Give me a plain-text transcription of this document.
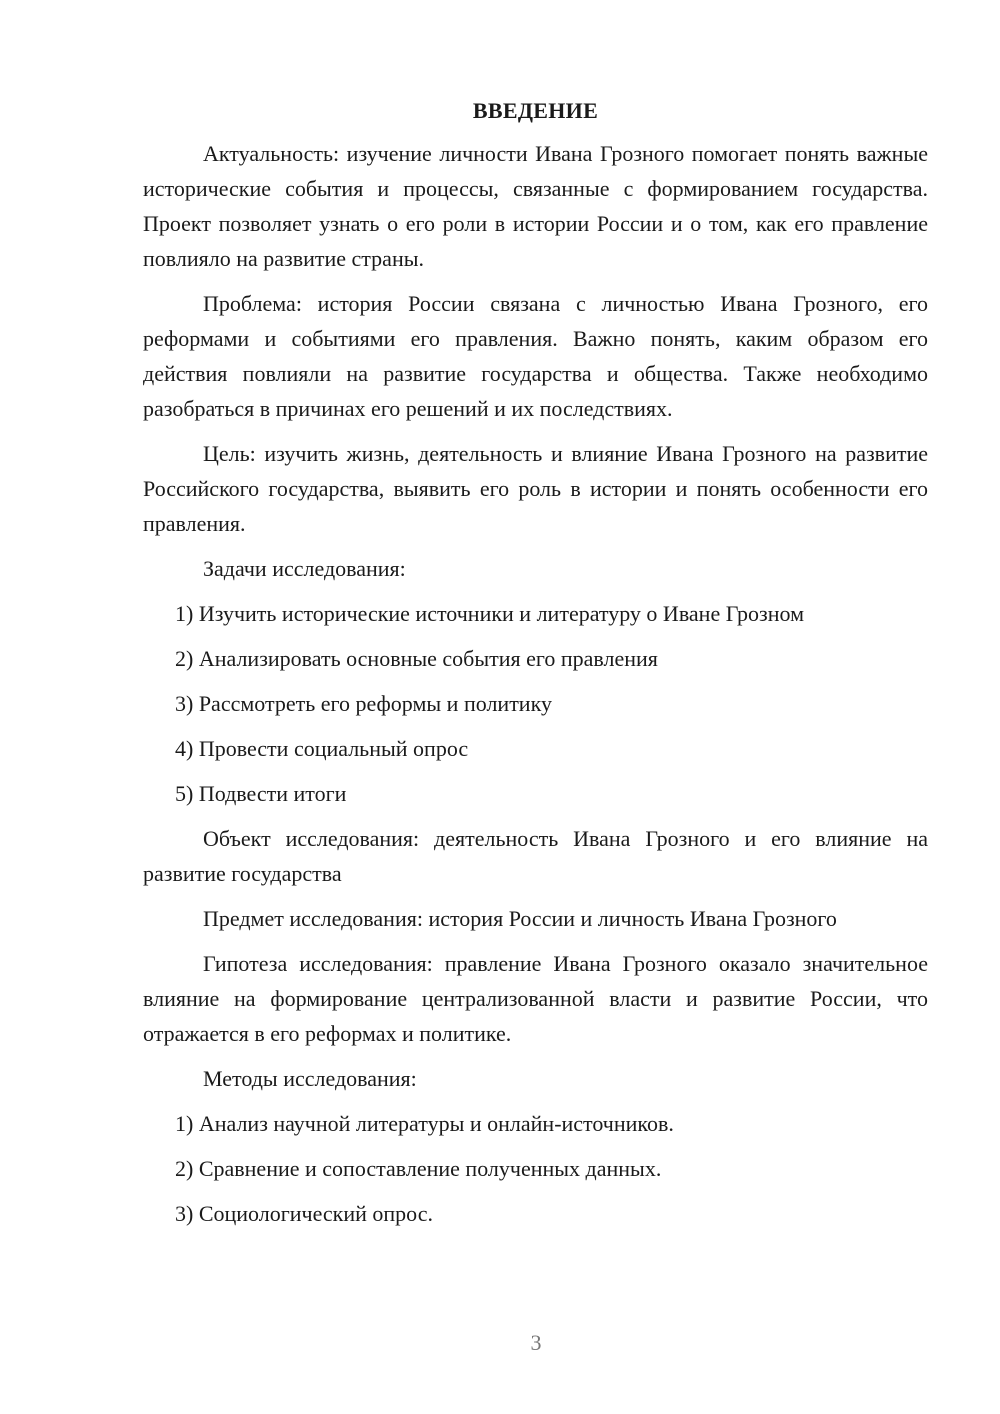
ВВЕДЕНИЕ

Актуальность: изучение личности Ивана Грозного помогает понять важные исторические события и процессы, связанные с формированием государства. Проект позволяет узнать о его роли в истории России и о том, как его правление повлияло на развитие страны.

Проблема: история России связана с личностью Ивана Грозного, его реформами и событиями его правления. Важно понять, каким образом его действия повлияли на развитие государства и общества. Также необходимо разобраться в причинах его решений и их последствиях.

Цель: изучить жизнь, деятельность и влияние Ивана Грозного на развитие Российского государства, выявить его роль в истории и понять особенности его правления.

Задачи исследования:

1) Изучить исторические источники и литературу о Иване Грозном
2) Анализировать основные события его правления
3) Рассмотреть его реформы и политику
4) Провести социальный опрос
5) Подвести итоги

Объект исследования: деятельность Ивана Грозного и его влияние на развитие государства

Предмет исследования: история России и личность Ивана Грозного

Гипотеза исследования: правление Ивана Грозного оказало значительное влияние на формирование централизованной власти и развитие России, что отражается в его реформах и политике.

Методы исследования:

1) Анализ научной литературы и онлайн-источников.
2) Сравнение и сопоставление полученных данных.
3) Социологический опрос.
3
